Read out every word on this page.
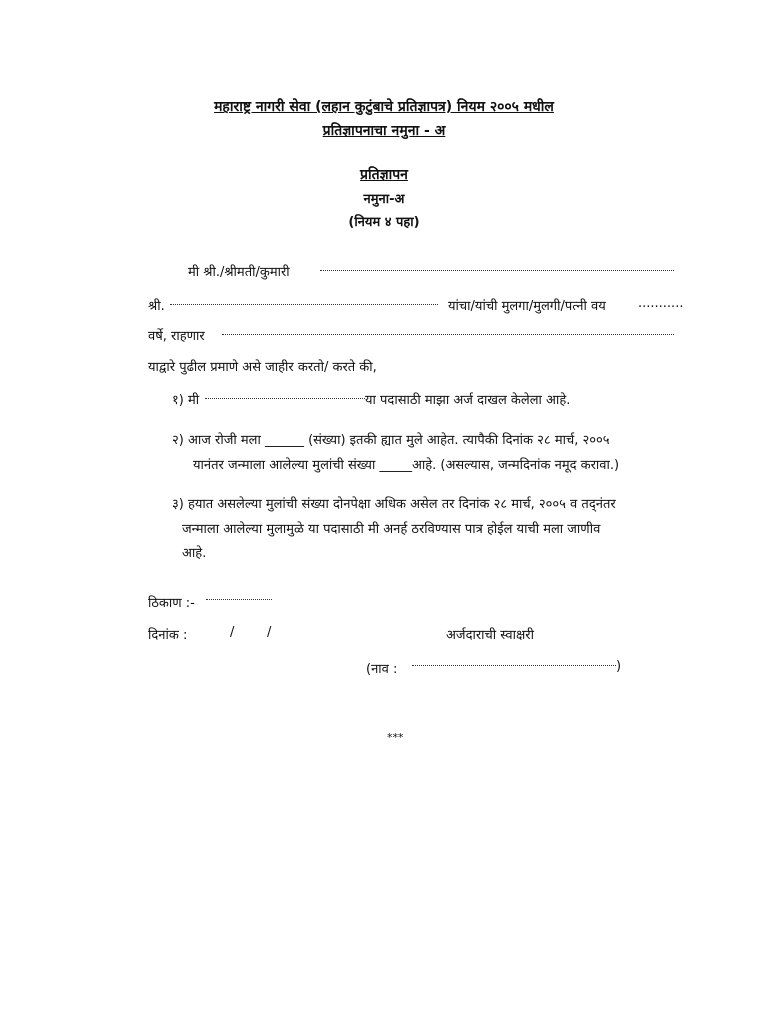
महाराष्ट्र नागरी सेवा (लहान कुटुंबाचे प्रतिज्ञापत्र) नियम २००५ मधील
प्रतिज्ञापनाचा नमुना - अ
प्रतिज्ञापन
नमुना-अ
(नियम ४ पहा)
मी श्री./श्रीमती/कुमारी
श्री.	यांचा/यांची मुलगा/मुलगी/पत्नी वय ...........
वर्षे, राहणार
याद्वारे पुढील प्रमाणे असे जाहीर करतो/ करते की,
१) मी	या पदासाठी माझा अर्ज दाखल केलेला आहे.
२) आज रोजी मला ______ (संख्या) इतकी ह्यात मुले आहेत. त्यापैकी दिनांक २८ मार्च, २००५
यानंतर जन्माला आलेल्या मुलांची संख्या _____आहे. (असल्यास, जन्मदिनांक नमूद करावा.)
३) हयात असलेल्या मुलांची संख्या दोनपेक्षा अधिक असेल तर दिनांक २८ मार्च, २००५ व तद्नंतर
जन्माला आलेल्या मुलामुळे या पदासाठी मी अनर्ह ठरविण्यास पात्र होईल याची मला जाणीव
आहे.
ठिकाण :-
दिनांक :	/	/	अर्जदाराची स्वाक्षरी
(नाव :	)
***
